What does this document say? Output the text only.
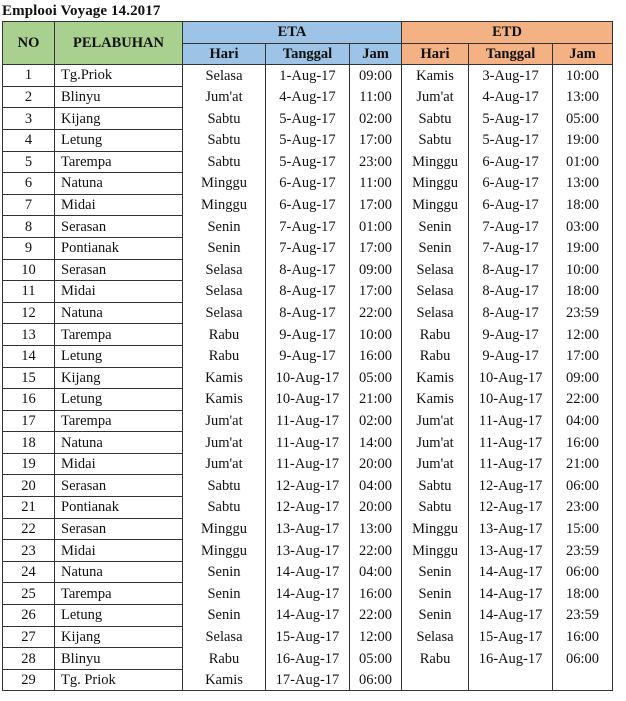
Emplooi Voyage 14.2017
NO	PELABUHAN	ETA			ETD		
		Hari	Tanggal	Jam	Hari	Tanggal	Jam
1	Tg.Priok	Selasa	1-Aug-17	09:00	Kamis	3-Aug-17	10:00
2	Blinyu	Jum'at	4-Aug-17	11:00	Jum'at	4-Aug-17	13:00
3	Kijang	Sabtu	5-Aug-17	02:00	Sabtu	5-Aug-17	05:00
4	Letung	Sabtu	5-Aug-17	17:00	Sabtu	5-Aug-17	19:00
5	Tarempa	Sabtu	5-Aug-17	23:00	Minggu	6-Aug-17	01:00
6	Natuna	Minggu	6-Aug-17	11:00	Minggu	6-Aug-17	13:00
7	Midai	Minggu	6-Aug-17	17:00	Minggu	6-Aug-17	18:00
8	Serasan	Senin	7-Aug-17	01:00	Senin	7-Aug-17	03:00
9	Pontianak	Senin	7-Aug-17	17:00	Senin	7-Aug-17	19:00
10	Serasan	Selasa	8-Aug-17	09:00	Selasa	8-Aug-17	10:00
11	Midai	Selasa	8-Aug-17	17:00	Selasa	8-Aug-17	18:00
12	Natuna	Selasa	8-Aug-17	22:00	Selasa	8-Aug-17	23:59
13	Tarempa	Rabu	9-Aug-17	10:00	Rabu	9-Aug-17	12:00
14	Letung	Rabu	9-Aug-17	16:00	Rabu	9-Aug-17	17:00
15	Kijang	Kamis	10-Aug-17	05:00	Kamis	10-Aug-17	09:00
16	Letung	Kamis	10-Aug-17	21:00	Kamis	10-Aug-17	22:00
17	Tarempa	Jum'at	11-Aug-17	02:00	Jum'at	11-Aug-17	04:00
18	Natuna	Jum'at	11-Aug-17	14:00	Jum'at	11-Aug-17	16:00
19	Midai	Jum'at	11-Aug-17	20:00	Jum'at	11-Aug-17	21:00
20	Serasan	Sabtu	12-Aug-17	04:00	Sabtu	12-Aug-17	06:00
21	Pontianak	Sabtu	12-Aug-17	20:00	Sabtu	12-Aug-17	23:00
22	Serasan	Minggu	13-Aug-17	13:00	Minggu	13-Aug-17	15:00
23	Midai	Minggu	13-Aug-17	22:00	Minggu	13-Aug-17	23:59
24	Natuna	Senin	14-Aug-17	04:00	Senin	14-Aug-17	06:00
25	Tarempa	Senin	14-Aug-17	16:00	Senin	14-Aug-17	18:00
26	Letung	Senin	14-Aug-17	22:00	Senin	14-Aug-17	23:59
27	Kijang	Selasa	15-Aug-17	12:00	Selasa	15-Aug-17	16:00
28	Blinyu	Rabu	16-Aug-17	05:00	Rabu	16-Aug-17	06:00
29	Tg. Priok	Kamis	17-Aug-17	06:00			
